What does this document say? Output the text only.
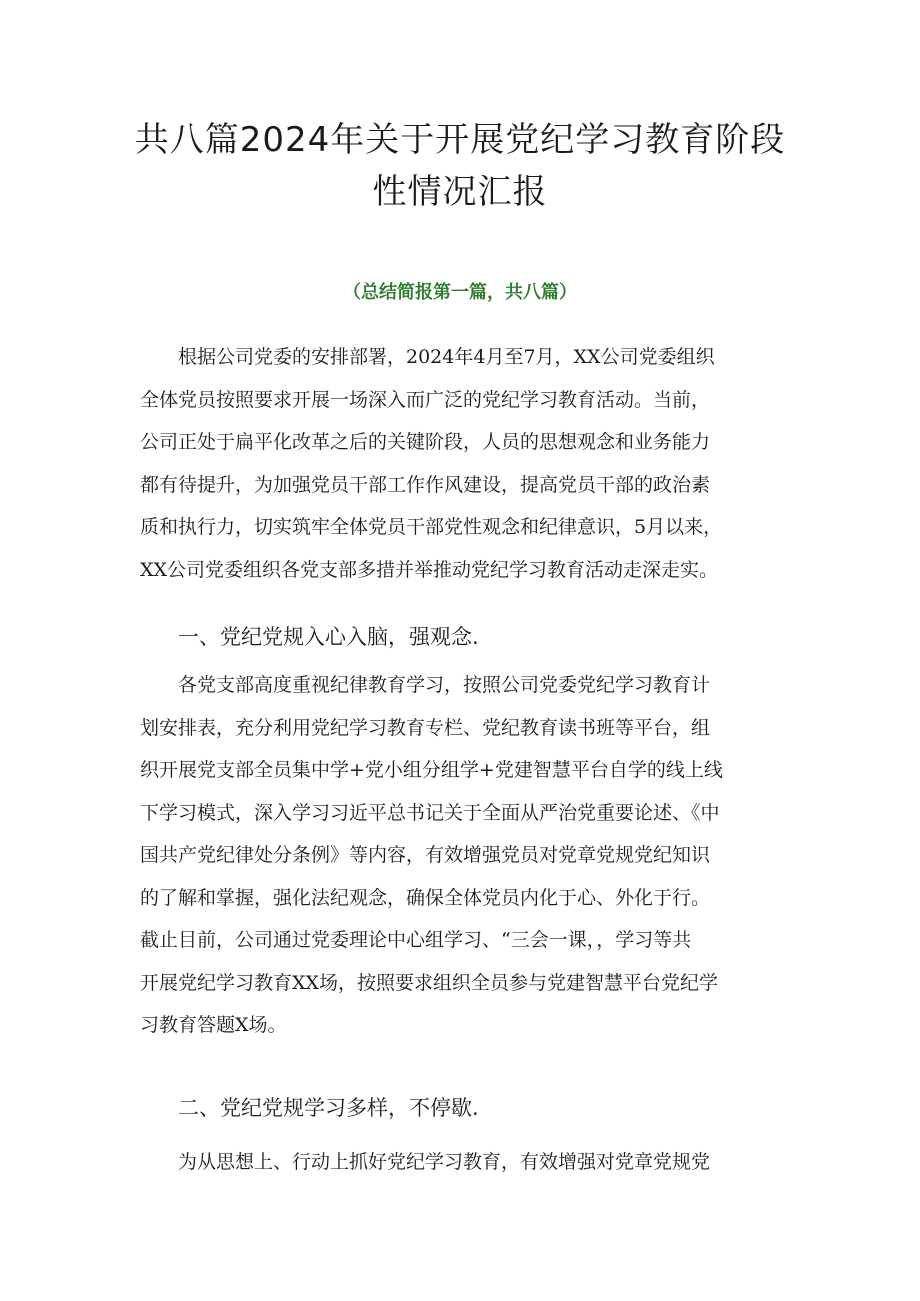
共八篇2024年关于开展党纪学习教育阶段
性情况汇报
（总结简报第一篇，共八篇）
根据公司党委的安排部署，2024年4月至7月，XX公司党委组织
全体党员按照要求开展一场深入而广泛的党纪学习教育活动。当前，
公司正处于扁平化改革之后的关键阶段，人员的思想观念和业务能力
都有待提升，为加强党员干部工作作风建设，提高党员干部的政治素
质和执行力，切实筑牢全体党员干部党性观念和纪律意识，5月以来，
XX公司党委组织各党支部多措并举推动党纪学习教育活动走深走实。
一、党纪党规入心入脑，强观念.
各党支部高度重视纪律教育学习，按照公司党委党纪学习教育计
划安排表，充分利用党纪学习教育专栏、党纪教育读书班等平台，组
织开展党支部全员集中学+党小组分组学+党建智慧平台自学的线上线
下学习模式，深入学习习近平总书记关于全面从严治党重要论述、《中
国共产党纪律处分条例》等内容，有效增强党员对党章党规党纪知识
的了解和掌握，强化法纪观念，确保全体党员内化于心、外化于行。
截止目前，公司通过党委理论中心组学习、“三会一课，，学习等共
开展党纪学习教育XX场，按照要求组织全员参与党建智慧平台党纪学
习教育答题X场。
二、党纪党规学习多样，不停歇.
为从思想上、行动上抓好党纪学习教育，有效增强对党章党规党
